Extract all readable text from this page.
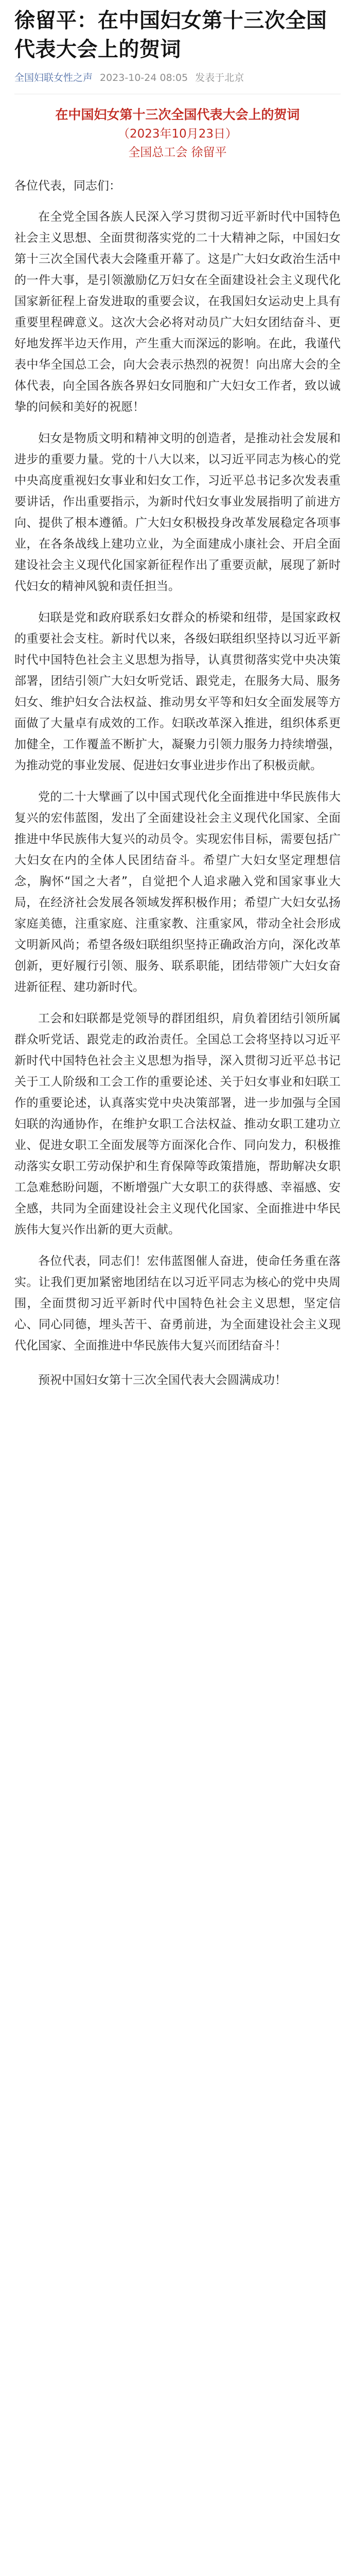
徐留平：在中国妇女第十三次全国代表大会上的贺词
全国妇联女性之声 2023-10-24 08:05 发表于北京

在中国妇女第十三次全国代表大会上的贺词

（2023年10月23日）

全国总工会 徐留平

各位代表，同志们：

在全党全国各族人民深入学习贯彻习近平新时代中国特色社会主义思想、全面贯彻落实党的二十大精神之际，中国妇女第十三次全国代表大会隆重开幕了。这是广大妇女政治生活中的一件大事，是引领激励亿万妇女在全面建设社会主义现代化国家新征程上奋发进取的重要会议，在我国妇女运动史上具有重要里程碑意义。这次大会必将对动员广大妇女团结奋斗、更好地发挥半边天作用，产生重大而深远的影响。在此，我谨代表中华全国总工会，向大会表示热烈的祝贺！向出席大会的全体代表，向全国各族各界妇女同胞和广大妇女工作者，致以诚挚的问候和美好的祝愿！

妇女是物质文明和精神文明的创造者，是推动社会发展和进步的重要力量。党的十八大以来，以习近平同志为核心的党中央高度重视妇女事业和妇女工作，习近平总书记多次发表重要讲话，作出重要指示，为新时代妇女事业发展指明了前进方向、提供了根本遵循。广大妇女积极投身改革发展稳定各项事业，在各条战线上建功立业，为全面建成小康社会、开启全面建设社会主义现代化国家新征程作出了重要贡献，展现了新时代妇女的精神风貌和责任担当。

妇联是党和政府联系妇女群众的桥梁和纽带，是国家政权的重要社会支柱。新时代以来，各级妇联组织坚持以习近平新时代中国特色社会主义思想为指导，认真贯彻落实党中央决策部署，团结引领广大妇女听党话、跟党走，在服务大局、服务妇女、维护妇女合法权益、推动男女平等和妇女全面发展等方面做了大量卓有成效的工作。妇联改革深入推进，组织体系更加健全，工作覆盖不断扩大，凝聚力引领力服务力持续增强，为推动党的事业发展、促进妇女事业进步作出了积极贡献。

党的二十大擘画了以中国式现代化全面推进中华民族伟大复兴的宏伟蓝图，发出了全面建设社会主义现代化国家、全面推进中华民族伟大复兴的动员令。实现宏伟目标，需要包括广大妇女在内的全体人民团结奋斗。希望广大妇女坚定理想信念，胸怀“国之大者”，自觉把个人追求融入党和国家事业大局，在经济社会发展各领域发挥积极作用；希望广大妇女弘扬家庭美德，注重家庭、注重家教、注重家风，带动全社会形成文明新风尚；希望各级妇联组织坚持正确政治方向，深化改革创新，更好履行引领、服务、联系职能，团结带领广大妇女奋进新征程、建功新时代。

工会和妇联都是党领导的群团组织，肩负着团结引领所属群众听党话、跟党走的政治责任。全国总工会将坚持以习近平新时代中国特色社会主义思想为指导，深入贯彻习近平总书记关于工人阶级和工会工作的重要论述、关于妇女事业和妇联工作的重要论述，认真落实党中央决策部署，进一步加强与全国妇联的沟通协作，在维护女职工合法权益、推动女职工建功立业、促进女职工全面发展等方面深化合作、同向发力，积极推动落实女职工劳动保护和生育保障等政策措施，帮助解决女职工急难愁盼问题，不断增强广大女职工的获得感、幸福感、安全感，共同为全面建设社会主义现代化国家、全面推进中华民族伟大复兴作出新的更大贡献。

各位代表，同志们！宏伟蓝图催人奋进，使命任务重在落实。让我们更加紧密地团结在以习近平同志为核心的党中央周围，全面贯彻习近平新时代中国特色社会主义思想，坚定信心、同心同德，埋头苦干、奋勇前进，为全面建设社会主义现代化国家、全面推进中华民族伟大复兴而团结奋斗！

预祝中国妇女第十三次全国代表大会圆满成功！
